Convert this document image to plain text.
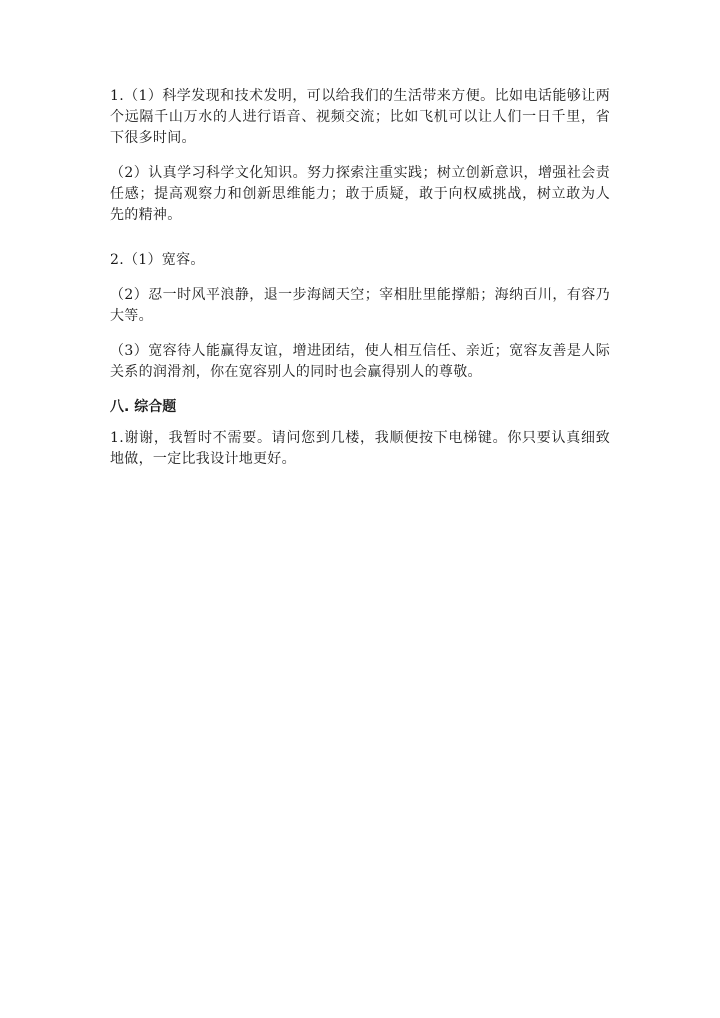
1.（1）科学发现和技术发明，可以给我们的生活带来方便。比如电话能够让两个远隔千山万水的人进行语音、视频交流；比如飞机可以让人们一日千里，省下很多时间。

（2）认真学习科学文化知识。努力探索注重实践；树立创新意识，增强社会责任感；提高观察力和创新思维能力；敢于质疑，敢于向权威挑战，树立敢为人先的精神。

2.（1）宽容。

（2）忍一时风平浪静，退一步海阔天空；宰相肚里能撑船；海纳百川，有容乃大等。

（3）宽容待人能赢得友谊，增进团结，使人相互信任、亲近；宽容友善是人际关系的润滑剂，你在宽容别人的同时也会赢得别人的尊敬。

八. 综合题

1.谢谢，我暂时不需要。请问您到几楼，我顺便按下电梯键。你只要认真细致地做，一定比我设计地更好。
